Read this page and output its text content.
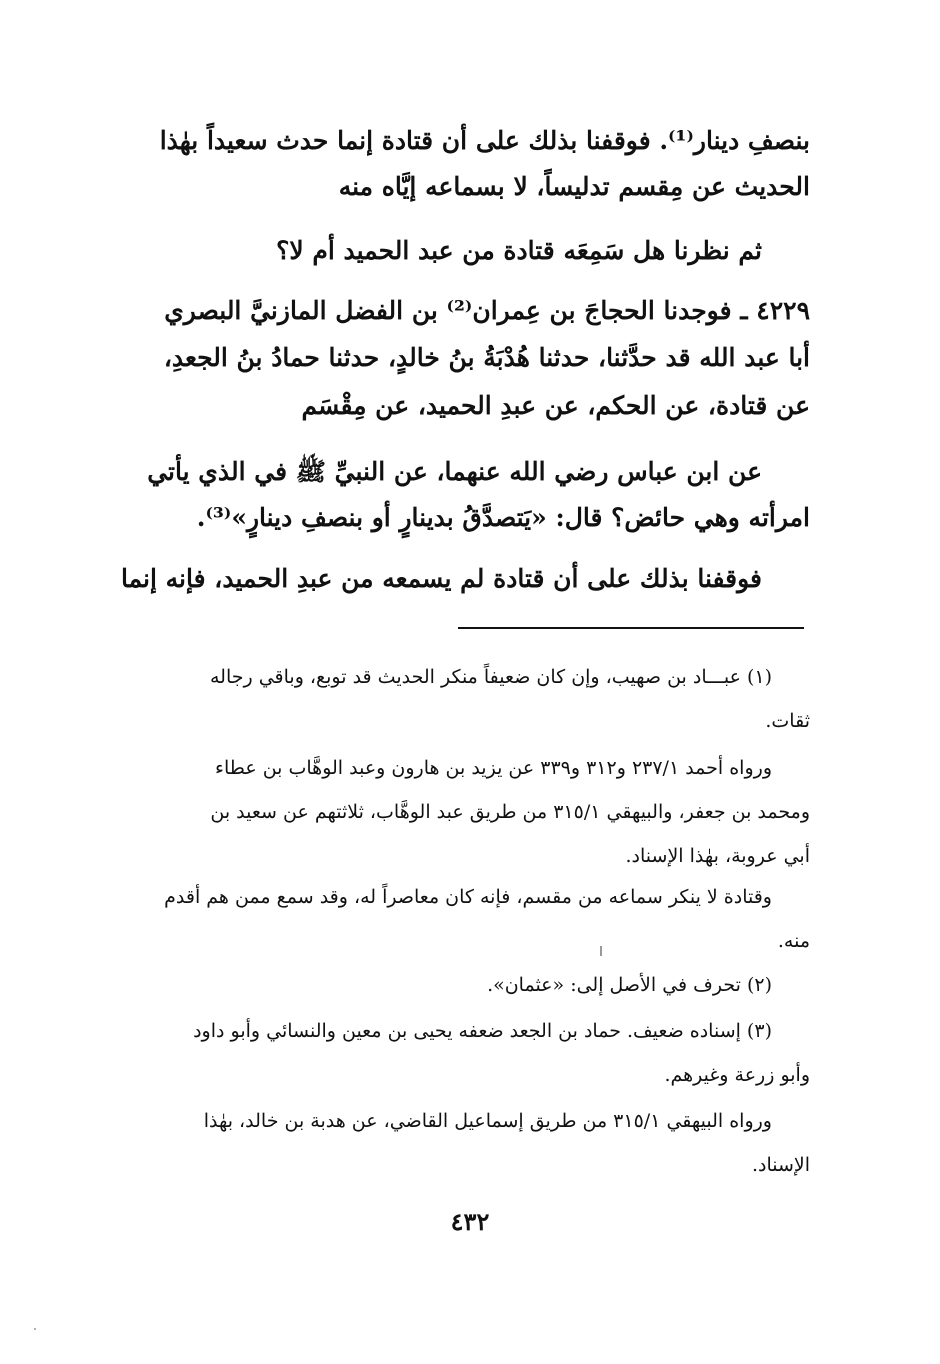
بنصفِ دينار⁽¹⁾. فوقفنا بذلك على أن قتادة إنما حدث سعيداً بهٰذا
الحديث عن مِقسم تدليساً، لا بسماعه إيَّاه منه
ثم نظرنا هل سَمِعَه قتادة من عبد الحميد أم لا؟
٤٢٢٩ ـ فوجدنا الحجاجَ بن عِمران⁽²⁾ بن الفضل المازنيَّ البصري
أبا عبد الله قد حدَّثنا، حدثنا هُدْبَةُ بنُ خالدٍ، حدثنا حمادُ بنُ الجعدِ،
عن قتادة، عن الحكم، عن عبدِ الحميد، عن مِقْسَم
عن ابن عباس رضي الله عنهما، عن النبيِّ ﷺ في الذي يأتي
امرأته وهي حائض؟ قال: «يَتصدَّقُ بدينارٍ أو بنصفِ دينارٍ»⁽³⁾.
فوقفنا بذلك على أن قتادة لم يسمعه من عبدِ الحميد، فإنه إنما
(١) عبـــاد بن صهيب، وإن كان ضعيفاً منكر الحديث قد توبع، وباقي رجاله
ثقات.
ورواه أحمد ٢٣٧/١ و٣١٢ و٣٣٩ عن يزيد بن هارون وعبد الوهَّاب بن عطاء
ومحمد بن جعفر، والبيهقي ٣١٥/١ من طريق عبد الوهَّاب، ثلاثتهم عن سعيد بن
أبي عروبة، بهٰذا الإسناد.
وقتادة لا ينكر سماعه من مقسم، فإنه كان معاصراً له، وقد سمع ممن هم أقدم
منه.
(٢) تحرف في الأصل إلى: «عثمان».
(٣) إسناده ضعيف. حماد بن الجعد ضعفه يحيى بن معين والنسائي وأبو داود
وأبو زرعة وغيرهم.
ورواه البيهقي ٣١٥/١ من طريق إسماعيل القاضي، عن هدبة بن خالد، بهٰذا
الإسناد.
٤٣٢
